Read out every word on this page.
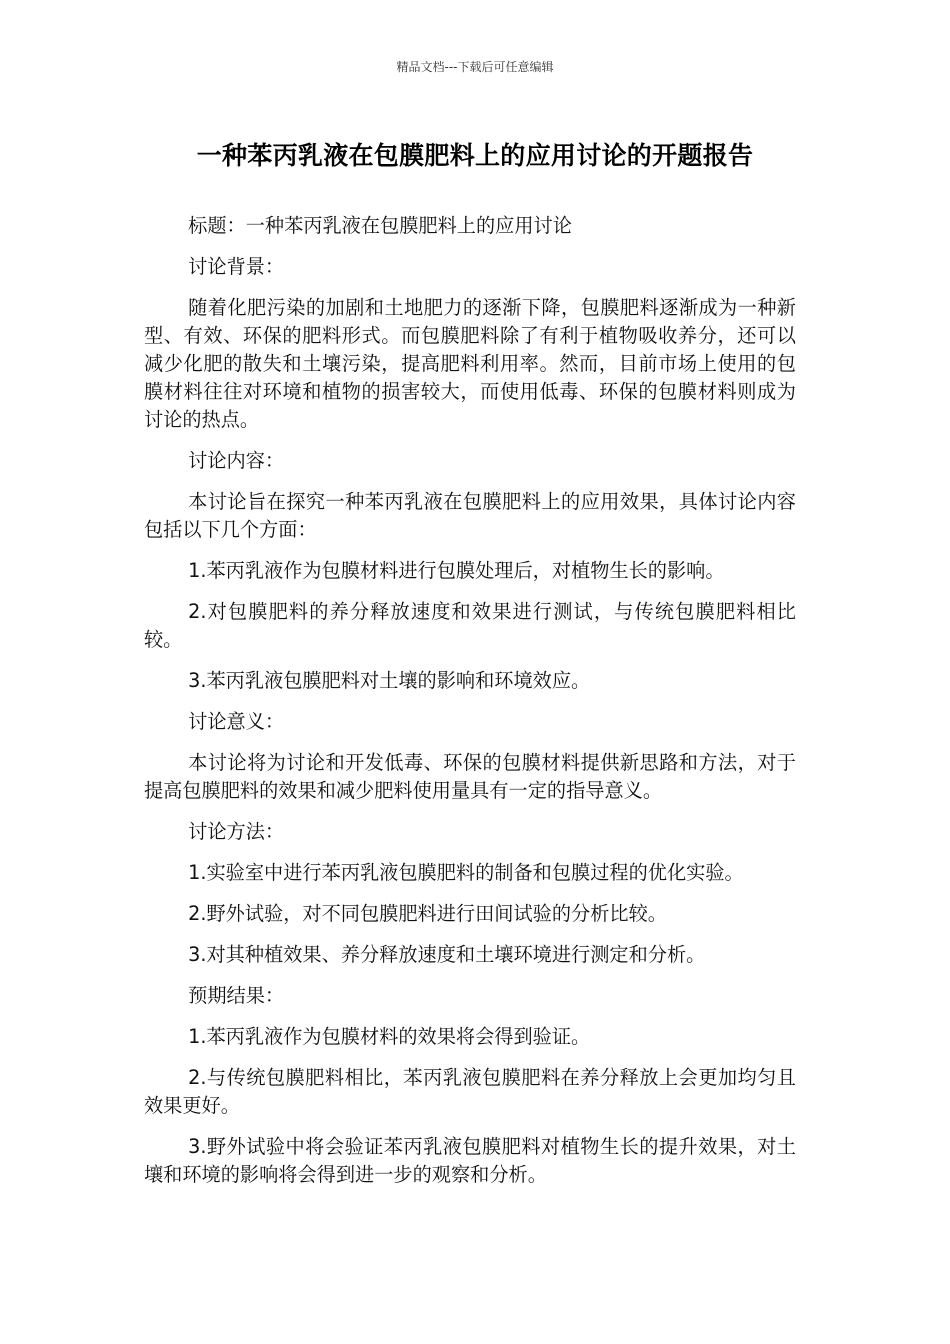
精品文档---下载后可任意编辑
一种苯丙乳液在包膜肥料上的应用讨论的开题报告

标题：一种苯丙乳液在包膜肥料上的应用讨论

讨论背景：

随着化肥污染的加剧和土地肥力的逐渐下降，包膜肥料逐渐成为一种新型、有效、环保的肥料形式。而包膜肥料除了有利于植物吸收养分，还可以减少化肥的散失和土壤污染，提高肥料利用率。然而，目前市场上使用的包膜材料往往对环境和植物的损害较大，而使用低毒、环保的包膜材料则成为讨论的热点。

讨论内容：

本讨论旨在探究一种苯丙乳液在包膜肥料上的应用效果，具体讨论内容包括以下几个方面：

1.苯丙乳液作为包膜材料进行包膜处理后，对植物生长的影响。

2.对包膜肥料的养分释放速度和效果进行测试，与传统包膜肥料相比较。

3.苯丙乳液包膜肥料对土壤的影响和环境效应。

讨论意义：

本讨论将为讨论和开发低毒、环保的包膜材料提供新思路和方法，对于提高包膜肥料的效果和减少肥料使用量具有一定的指导意义。

讨论方法：

1.实验室中进行苯丙乳液包膜肥料的制备和包膜过程的优化实验。

2.野外试验，对不同包膜肥料进行田间试验的分析比较。

3.对其种植效果、养分释放速度和土壤环境进行测定和分析。

预期结果：

1.苯丙乳液作为包膜材料的效果将会得到验证。

2.与传统包膜肥料相比，苯丙乳液包膜肥料在养分释放上会更加均匀且效果更好。

3.野外试验中将会验证苯丙乳液包膜肥料对植物生长的提升效果，对土壤和环境的影响将会得到进一步的观察和分析。
